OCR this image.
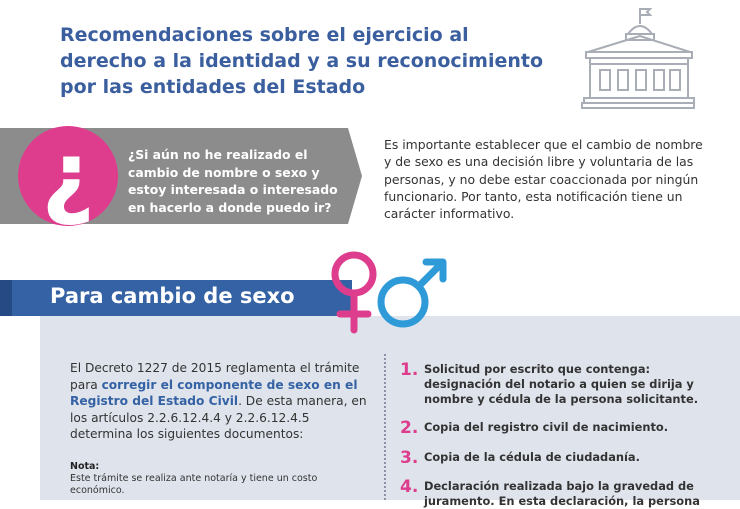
Recomendaciones sobre el ejercicio al derecho a la identidad y a su reconocimiento por las entidades del Estado
¿	¿Si aún no he realizado el cambio de nombre o sexo y estoy interesada o interesado en hacerlo a donde puedo ir?
Es importante establecer que el cambio de nombre y de sexo es una decisión libre y voluntaria de las personas, y no debe estar coaccionada por ningún funcionario. Por tanto, esta notificación tiene un carácter informativo.
Para cambio de sexo
El Decreto 1227 de 2015 reglamenta el trámite para corregir el componente de sexo en el Registro del Estado Civil. De esta manera, en los artículos 2.2.6.12.4.4 y 2.2.6.12.4.5 determina los siguientes documentos:
Nota:
Este trámite se realiza ante notaría y tiene un costo económico.
1. Solicitud por escrito que contenga: designación del notario a quien se dirija y nombre y cédula de la persona solicitante.
2. Copia del registro civil de nacimiento.
3. Copia de la cédula de ciudadanía.
4. Declaración realizada bajo la gravedad de juramento. En esta declaración, la persona
